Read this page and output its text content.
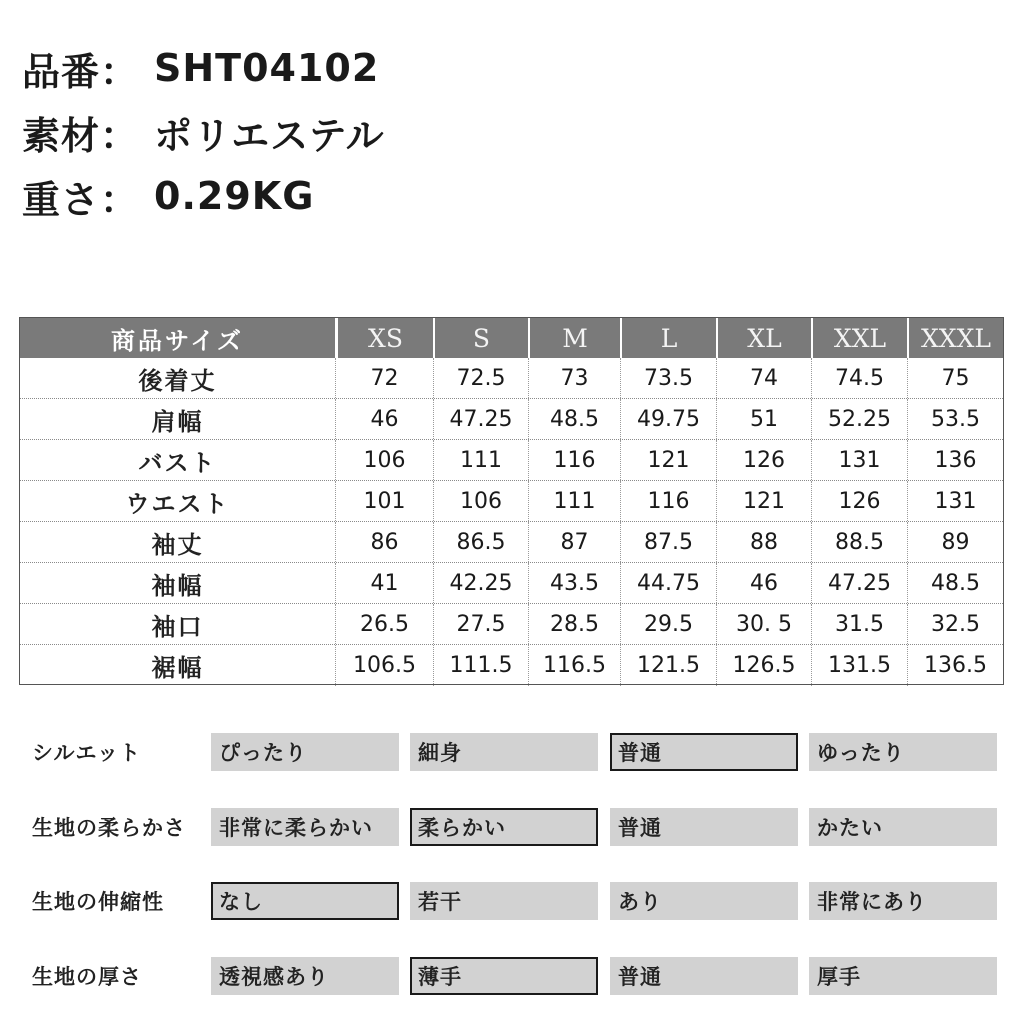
品番： SHT04102
素材： ポリエステル
重さ： 0.29KG
商品サイズ	XS	S	M	L	XL	XXL	XXXL
後着丈	72	72.5	73	73.5	74	74.5	75
肩幅	46	47.25	48.5	49.75	51	52.25	53.5
バスト	106	111	116	121	126	131	136
ウエスト	101	106	111	116	121	126	131
袖丈	86	86.5	87	87.5	88	88.5	89
袖幅	41	42.25	43.5	44.75	46	47.25	48.5
袖口	26.5	27.5	28.5	29.5	30. 5	31.5	32.5
裾幅	106.5	111.5	116.5	121.5	126.5	131.5	136.5
シルエット	ぴったり	細身	普通	ゆったり
生地の柔らかさ	非常に柔らかい	柔らかい	普通	かたい
生地の伸縮性	なし	若干	あり	非常にあり
生地の厚さ	透視感あり	薄手	普通	厚手
